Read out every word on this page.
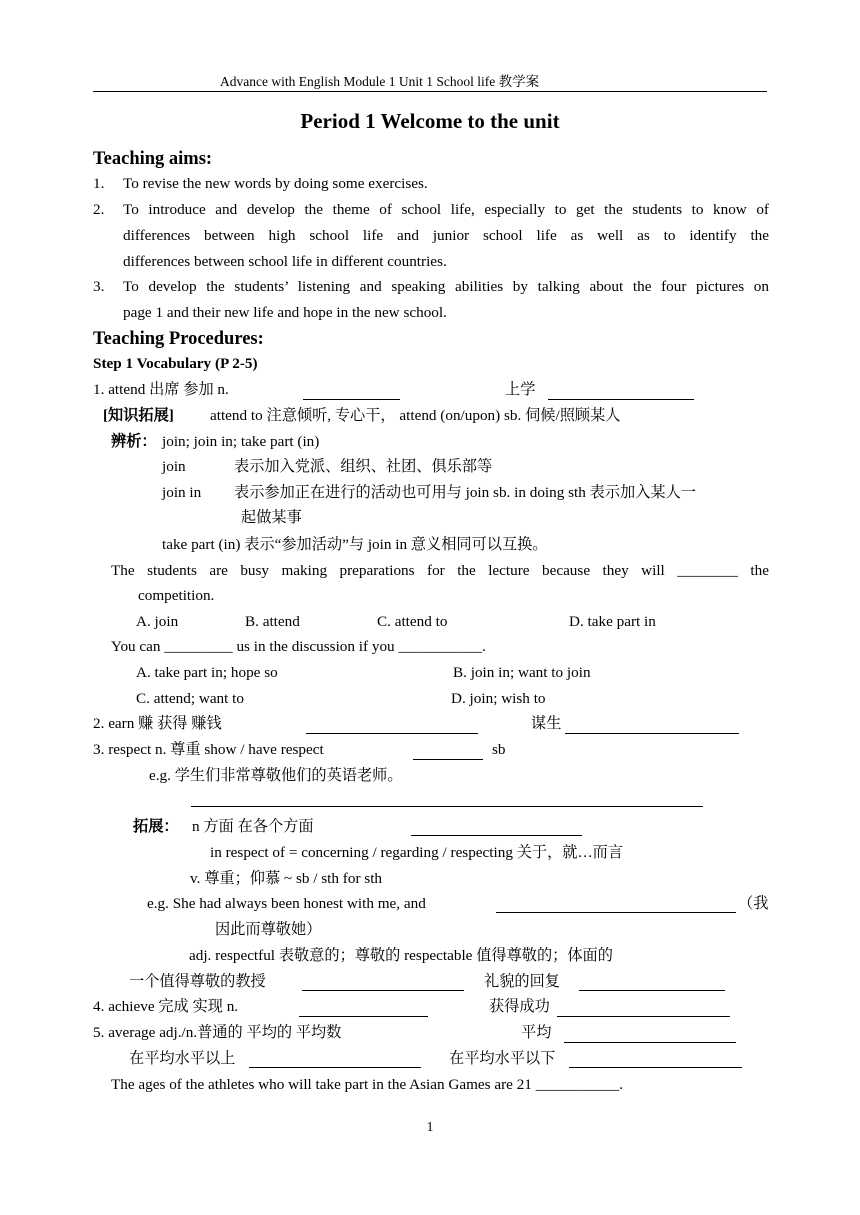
Advance with English Module 1 Unit 1 School life 教学案
Period 1 Welcome to the unit
Teaching aims:
1. To revise the new words by doing some exercises.
2. To introduce and develop the theme of school life, especially to get the students to know of
differences between high school life and junior school life as well as to identify the
differences between school life in different countries.
3. To develop the students’ listening and speaking abilities by talking about the four pictures on
page 1 and their new life and hope in the new school.
Teaching Procedures:
Step 1 Vocabulary (P 2-5)
1. attend 出席 参加 n.	上学
[知识拓展] attend to 注意倾听, 专心干， attend (on/upon) sb. 伺候/照顾某人
辨析： join; join in; take part (in)
join	表示加入党派、组织、社团、俱乐部等
join in 表示参加正在进行的活动也可用与 join sb. in doing sth 表示加入某人一
起做某事
take part (in) 表示“参加活动”与 join in 意义相同可以互换。
The students are busy making preparations for the lecture because they will ________ the
competition.
A. join	B. attend	C. attend to	D. take part in
You can _________ us in the discussion if you ___________.
A. take part in; hope so	B. join in; want to join
C. attend; want to	D. join; wish to
2. earn 赚 获得 赚钱	谋生
3. respect n. 尊重 show / have respect	sb
e.g. 学生们非常尊敬他们的英语老师。
拓展： n 方面 在各个方面
in respect of = concerning / regarding / respecting 关于，就…而言
v. 尊重；仰慕 ~ sb / sth for sth
e.g. She had always been honest with me, and	（我
因此而尊敬她）
adj. respectful 表敬意的；尊敬的 respectable 值得尊敬的；体面的
一个值得尊敬的教授	礼貌的回复
4. achieve 完成 实现 n.	获得成功
5. average adj./n.普通的 平均的 平均数	平均
在平均水平以上	在平均水平以下
The ages of the athletes who will take part in the Asian Games are 21 ___________.
1
